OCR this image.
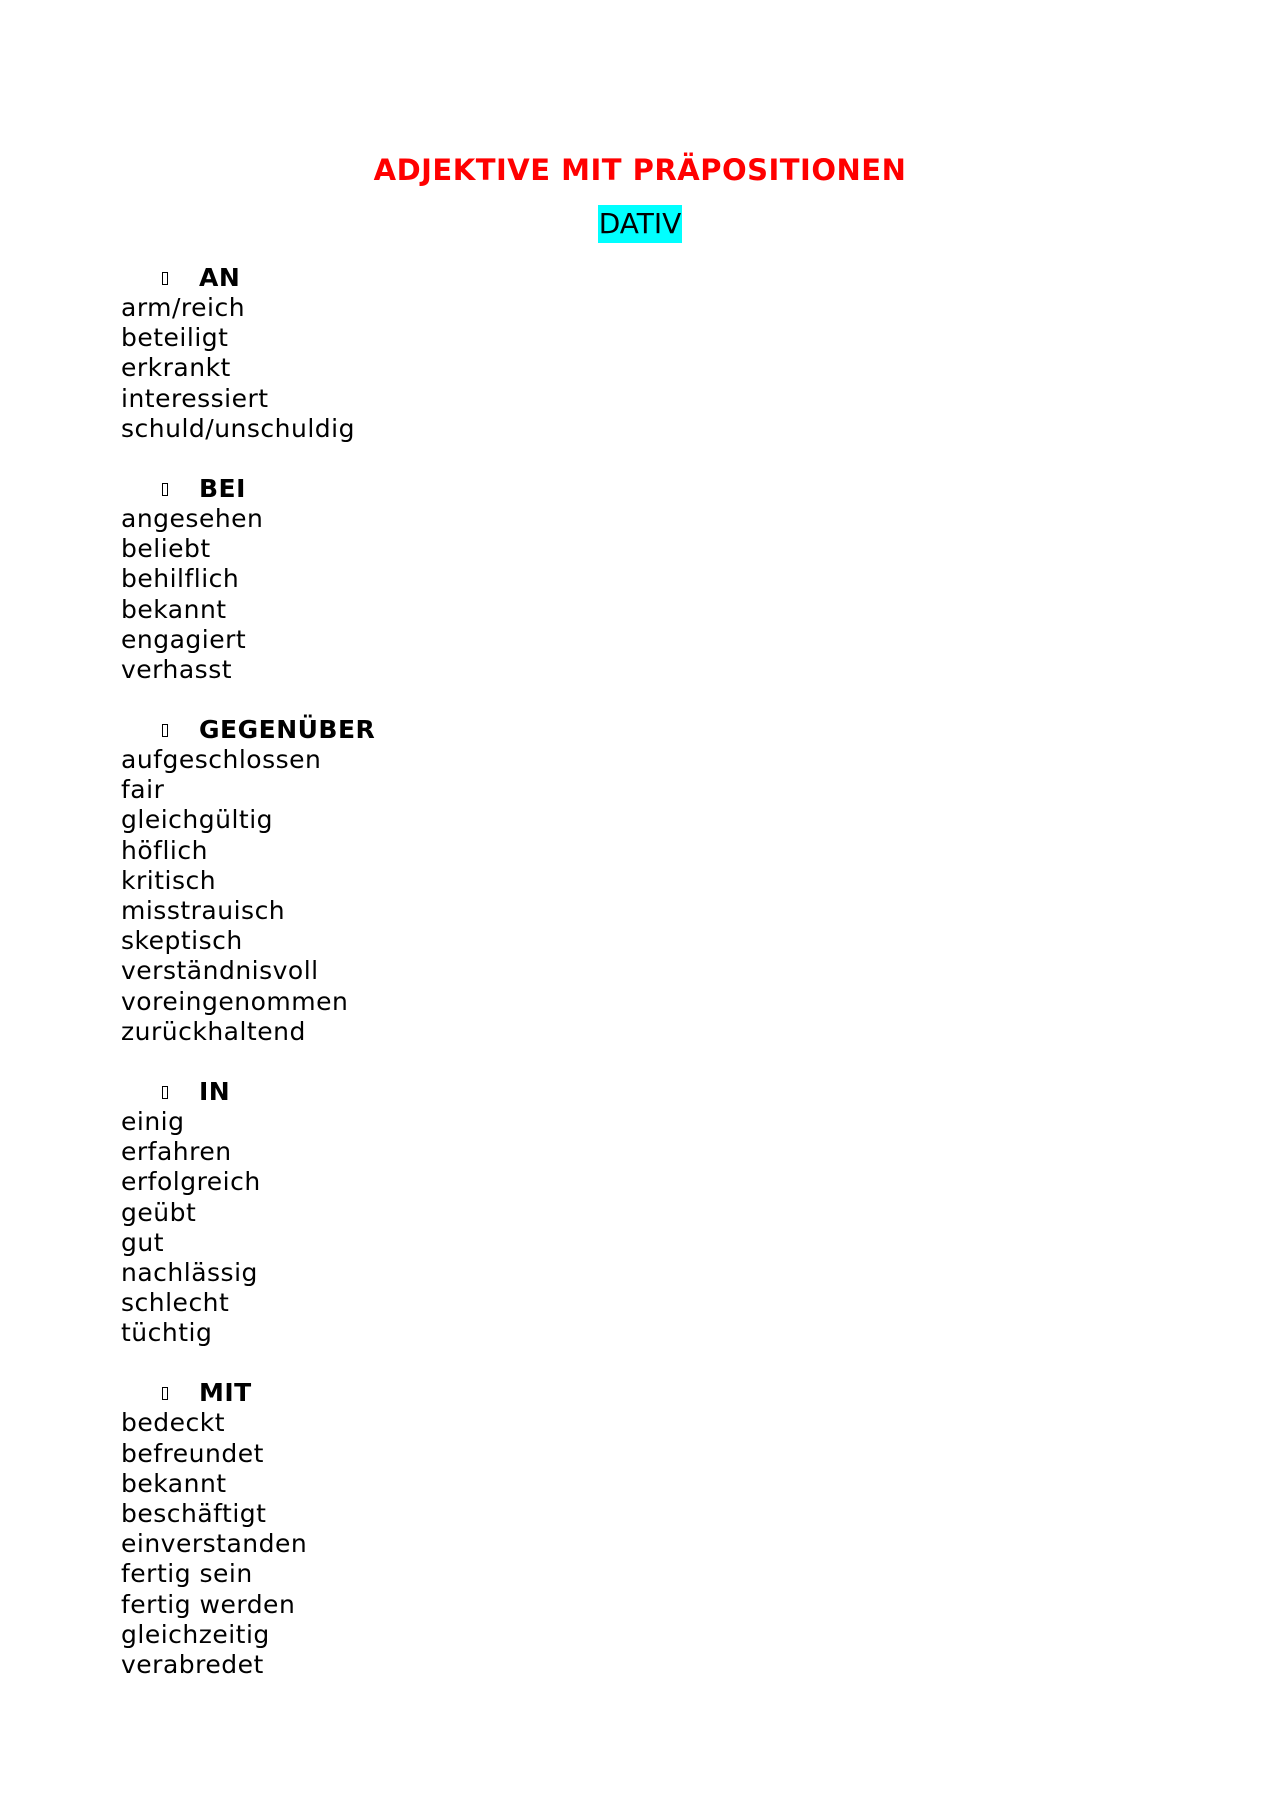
ADJEKTIVE MIT PRÄPOSITIONEN
DATIV
AN
arm/reich
beteiligt
erkrankt
interessiert
schuld/unschuldig
BEI
angesehen
beliebt
behilflich
bekannt
engagiert
verhasst
GEGENÜBER
aufgeschlossen
fair
gleichgültig
höflich
kritisch
misstrauisch
skeptisch
verständnisvoll
voreingenommen
zurückhaltend
IN
einig
erfahren
erfolgreich
geübt
gut
nachlässig
schlecht
tüchtig
MIT
bedeckt
befreundet
bekannt
beschäftigt
einverstanden
fertig sein
fertig werden
gleichzeitig
verabredet
